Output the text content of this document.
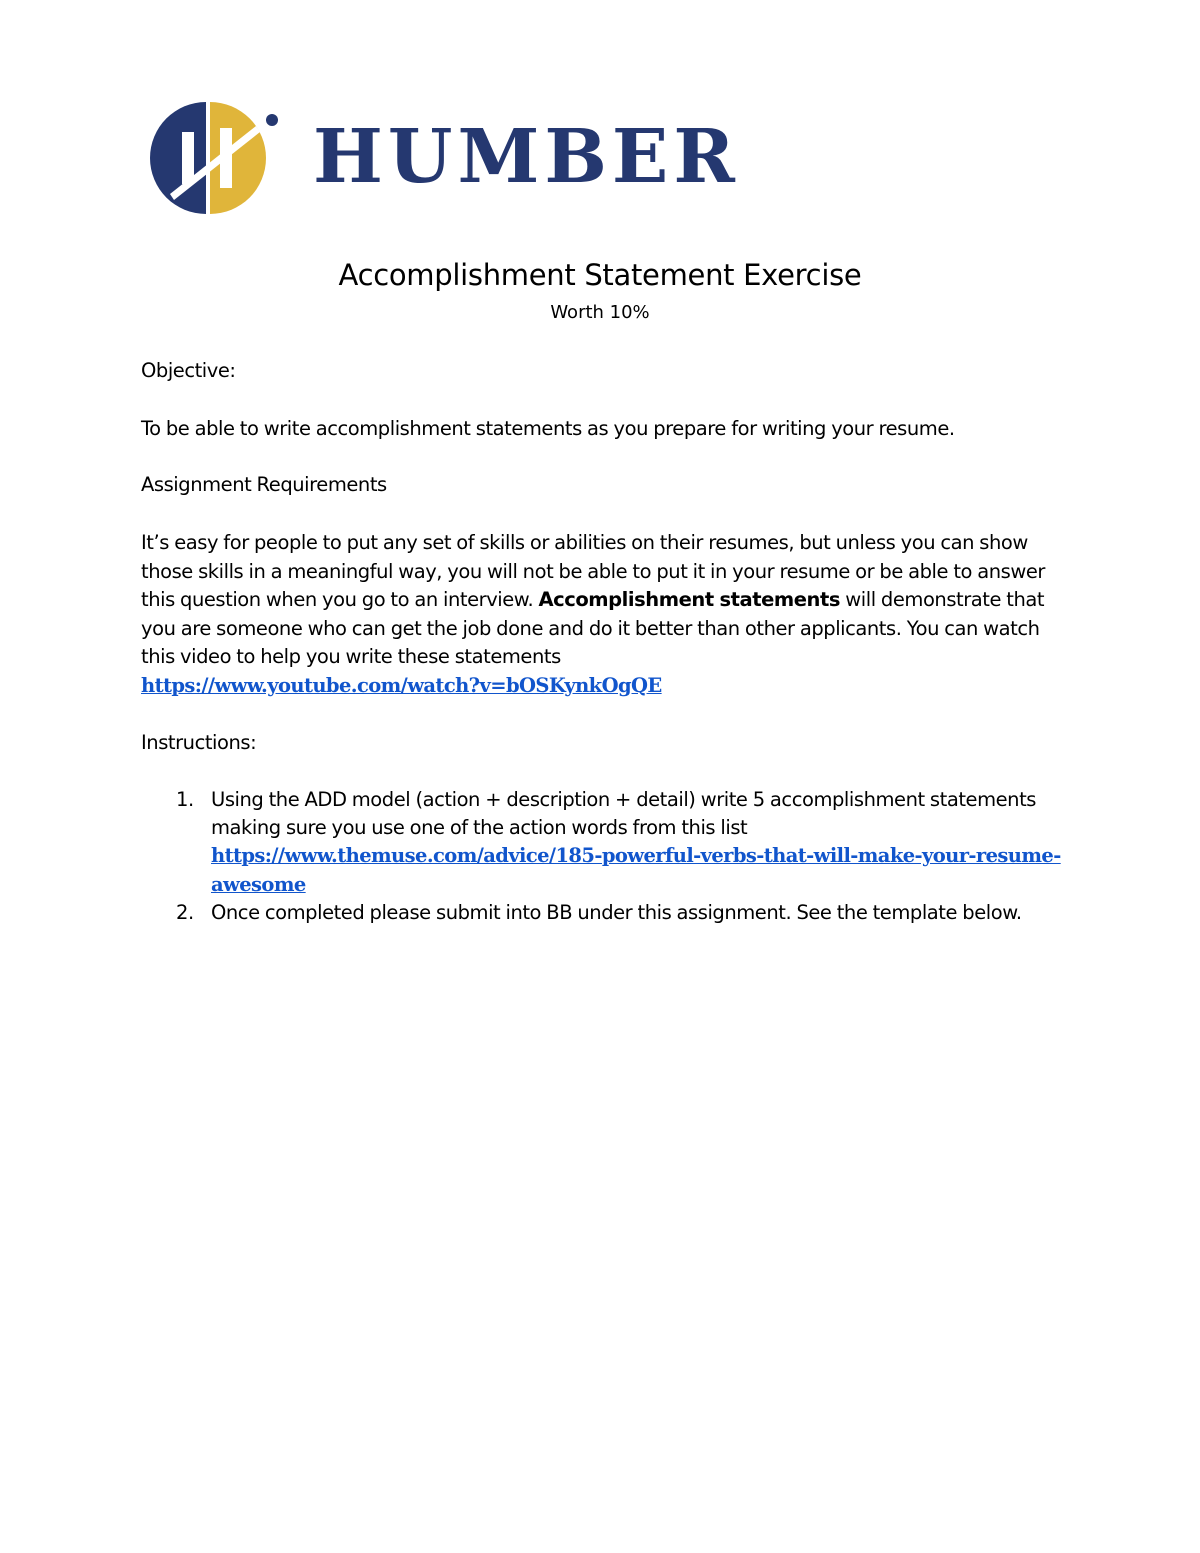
HUMBER
Accomplishment Statement Exercise
Worth 10%
Objective:
To be able to write accomplishment statements as you prepare for writing your resume.
Assignment Requirements
It’s easy for people to put any set of skills or abilities on their resumes, but unless you can show those skills in a meaningful way, you will not be able to put it in your resume or be able to answer this question when you go to an interview. Accomplishment statements will demonstrate that you are someone who can get the job done and do it better than other applicants. You can watch this video to help you write these statements
https://www.youtube.com/watch?v=bOSKynkOgQE
Instructions:
1. Using the ADD model (action + description + detail) write 5 accomplishment statements making sure you use one of the action words from this list
https://www.themuse.com/advice/185-powerful-verbs-that-will-make-your-resume-awesome
2. Once completed please submit into BB under this assignment. See the template below.
